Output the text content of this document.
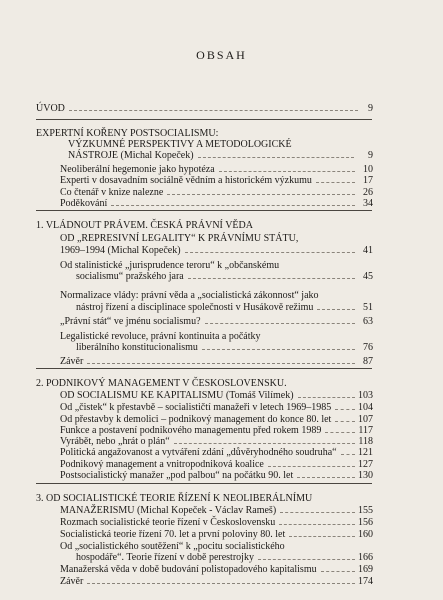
OBSAH
ÚVOD	9
EXPERTNÍ KOŘENY POSTSOCIALISMU:
VÝZKUMNÉ PERSPEKTIVY A METODOLOGICKÉ
NÁSTROJE (Michal Kopeček)	9
Neoliberální hegemonie jako hypotéza	10
Experti v dosavadním sociálně vědním a historickém výzkumu	17
Co čtenář v knize nalezne	26
Poděkování	34
1. VLÁDNOUT PRÁVEM. ČESKÁ PRÁVNÍ VĚDA
OD „REPRESIVNÍ LEGALITY“ K PRÁVNÍMU STÁTU,
1969–1994 (Michal Kopeček)	41
Od stalinistické „jurisprudence teroru“ k „občanskému
socialismu“ pražského jara	45
Normalizace vlády: právní věda a „socialistická zákonnost“ jako
nástroj řízení a disciplinace společnosti v Husákově režimu	51
„Právní stát“ ve jménu socialismu?	63
Legalistické revoluce, právní kontinuita a počátky
liberálního konstitucionalismu	76
Závěr	87
2. PODNIKOVÝ MANAGEMENT V ČESKOSLOVENSKU.
OD SOCIALISMU KE KAPITALISMU (Tomáš Vilímek)	103
Od „čistek“ k přestavbě – socialističtí manažeři v letech 1969–1985	104
Od přestavby k demolici – podnikový management do konce 80. let	107
Funkce a postavení podnikového managementu před rokem 1989	117
Vyrábět, nebo „hrát o plán“	118
Politická angažovanost a vytváření zdání „důvěryhodného soudruha“ 121
Podnikový management a vnitropodniková koalice	127
Postsocialistický manažer „pod palbou“ na počátku 90. let	130
3. OD SOCIALISTICKÉ TEORIE ŘÍZENÍ K NEOLIBERÁLNÍMU
MANAŽERISMU (Michal Kopeček - Václav Rameš)	155
Rozmach socialistické teorie řízení v Československu	156
Socialistická teorie řízení 70. let a první poloviny 80. let	160
Od „socialistického soutěžení“ k „pocitu socialistického
hospodáře“. Teorie řízení v době perestrojky	166
Manažerská věda v době budování polistopadového kapitalismu	169
Závěr	174
